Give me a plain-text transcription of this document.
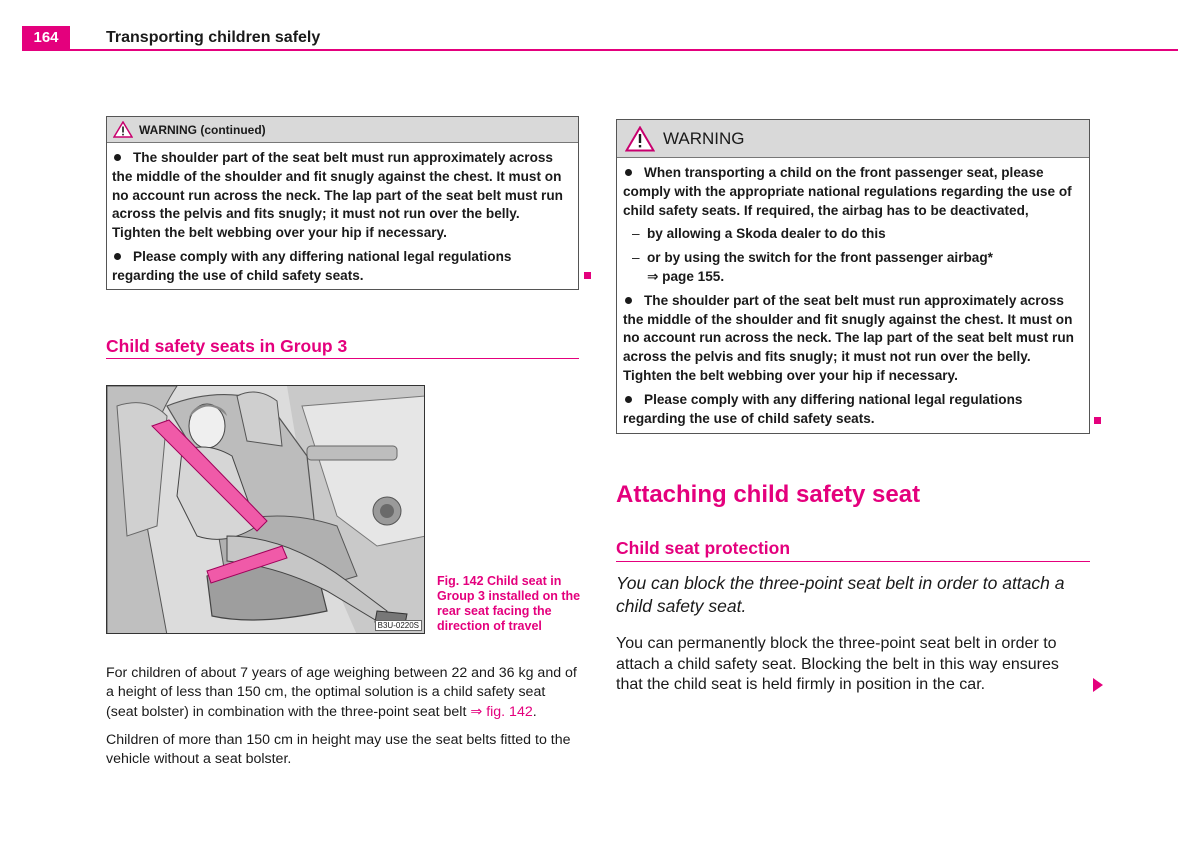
164	Transporting children safely
WARNING (continued)

The shoulder part of the seat belt must run approximately across the middle of the shoulder and fit snugly against the chest. It must on no account run across the neck. The lap part of the seat belt must run across the pelvis and fits snugly; it must not run over the belly. Tighten the belt webbing over your hip if necessary.

Please comply with any differing national legal regulations regarding the use of child safety seats.

Child safety seats in Group 3
B3U-0220S
Fig. 142 Child seat in Group 3 installed on the rear seat facing the direction of travel

For children of about 7 years of age weighing between 22 and 36 kg and of a height of less than 150 cm, the optimal solution is a child safety seat (seat bolster) in combination with the three-point seat belt ⇒ fig. 142.

Children of more than 150 cm in height may use the seat belts fitted to the vehicle without a seat bolster.

WARNING

When transporting a child on the front passenger seat, please comply with the appropriate national regulations regarding the use of child safety seats. If required, the airbag has to be deactivated,

– by allowing a Skoda dealer to do this

– or by using the switch for the front passenger airbag*
⇒ page 155.

The shoulder part of the seat belt must run approximately across the middle of the shoulder and fit snugly against the chest. It must on no account run across the neck. The lap part of the seat belt must run across the pelvis and fits snugly; it must not run over the belly. Tighten the belt webbing over your hip if necessary.

Please comply with any differing national legal regulations regarding the use of child safety seats.

Attaching child safety seat
Child seat protection
You can block the three-point seat belt in order to attach a child safety seat.
You can permanently block the three-point seat belt in order to attach a child safety seat. Blocking the belt in this way ensures that the child seat is held firmly in position in the car.
